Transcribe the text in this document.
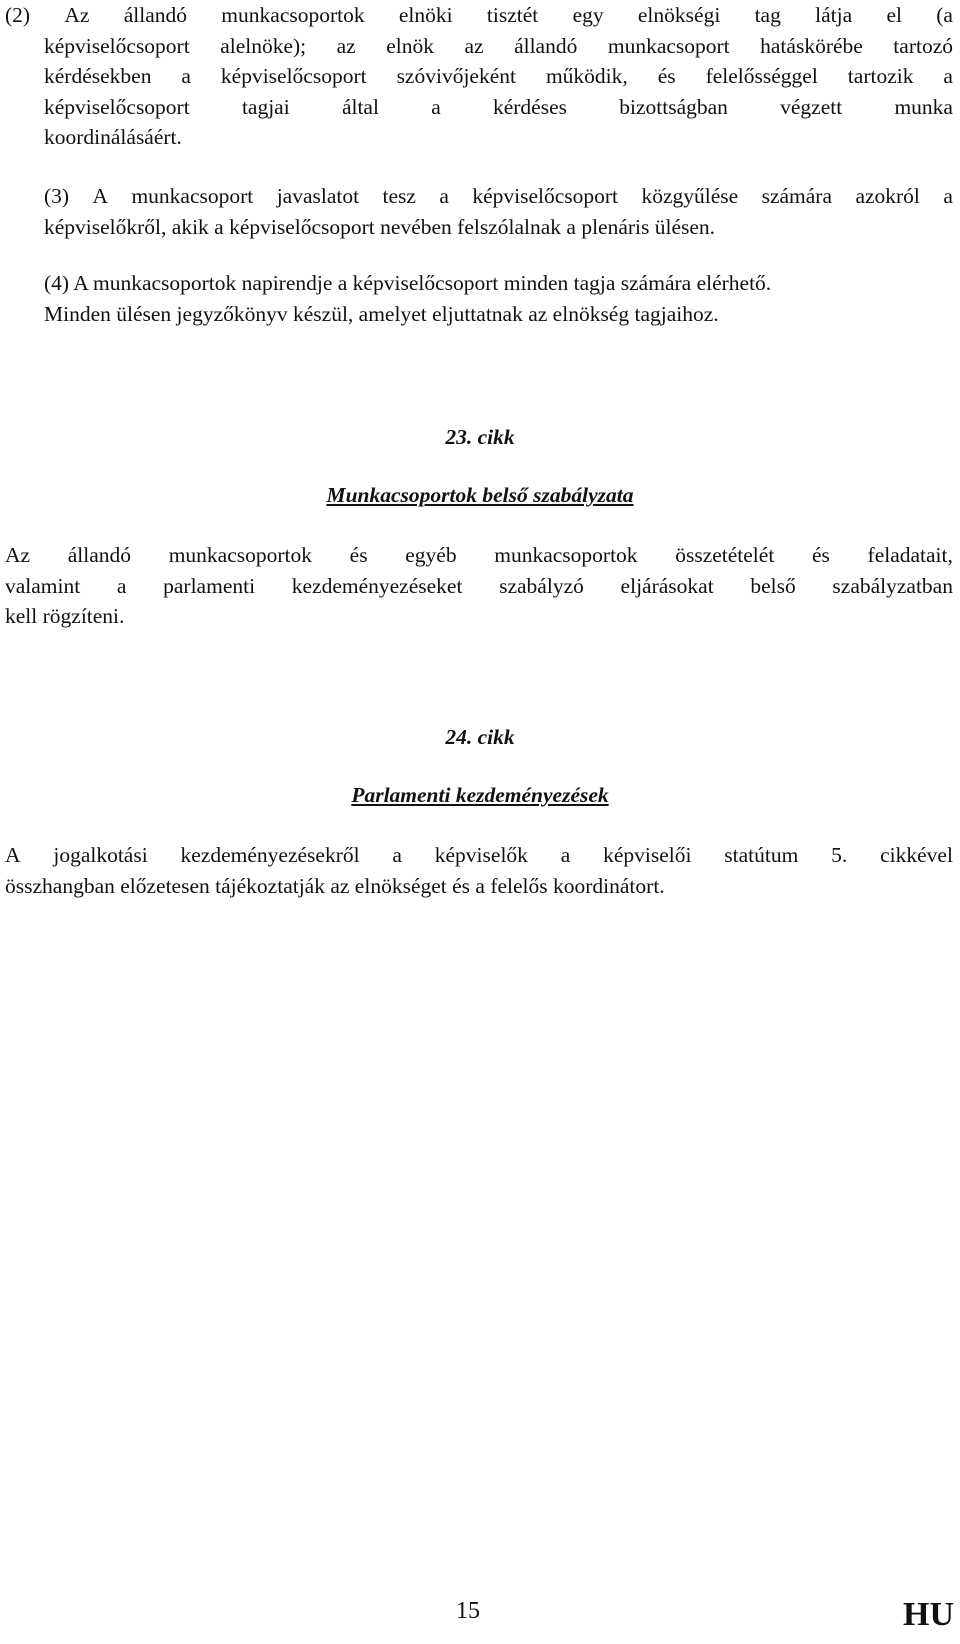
(2) Az állandó munkacsoportok elnöki tisztét egy elnökségi tag látja el (a
képviselőcsoport alelnöke); az elnök az állandó munkacsoport hatáskörébe tartozó
kérdésekben a képviselőcsoport szóvivőjeként működik, és felelősséggel tartozik a
képviselőcsoport tagjai által a kérdéses bizottságban végzett munka
koordinálásáért.
(3) A munkacsoport javaslatot tesz a képviselőcsoport közgyűlése számára azokról a
képviselőkről, akik a képviselőcsoport nevében felszólalnak a plenáris ülésen.
(4) A munkacsoportok napirendje a képviselőcsoport minden tagja számára elérhető.
Minden ülésen jegyzőkönyv készül, amelyet eljuttatnak az elnökség tagjaihoz.
23. cikk
Munkacsoportok belső szabályzata
Az állandó munkacsoportok és egyéb munkacsoportok összetételét és feladatait,
valamint a parlamenti kezdeményezéseket szabályzó eljárásokat belső szabályzatban
kell rögzíteni.
24. cikk
Parlamenti kezdeményezések
A jogalkotási kezdeményezésekről a képviselők a képviselői statútum 5. cikkével
összhangban előzetesen tájékoztatják az elnökséget és a felelős koordinátort.
15	HU
